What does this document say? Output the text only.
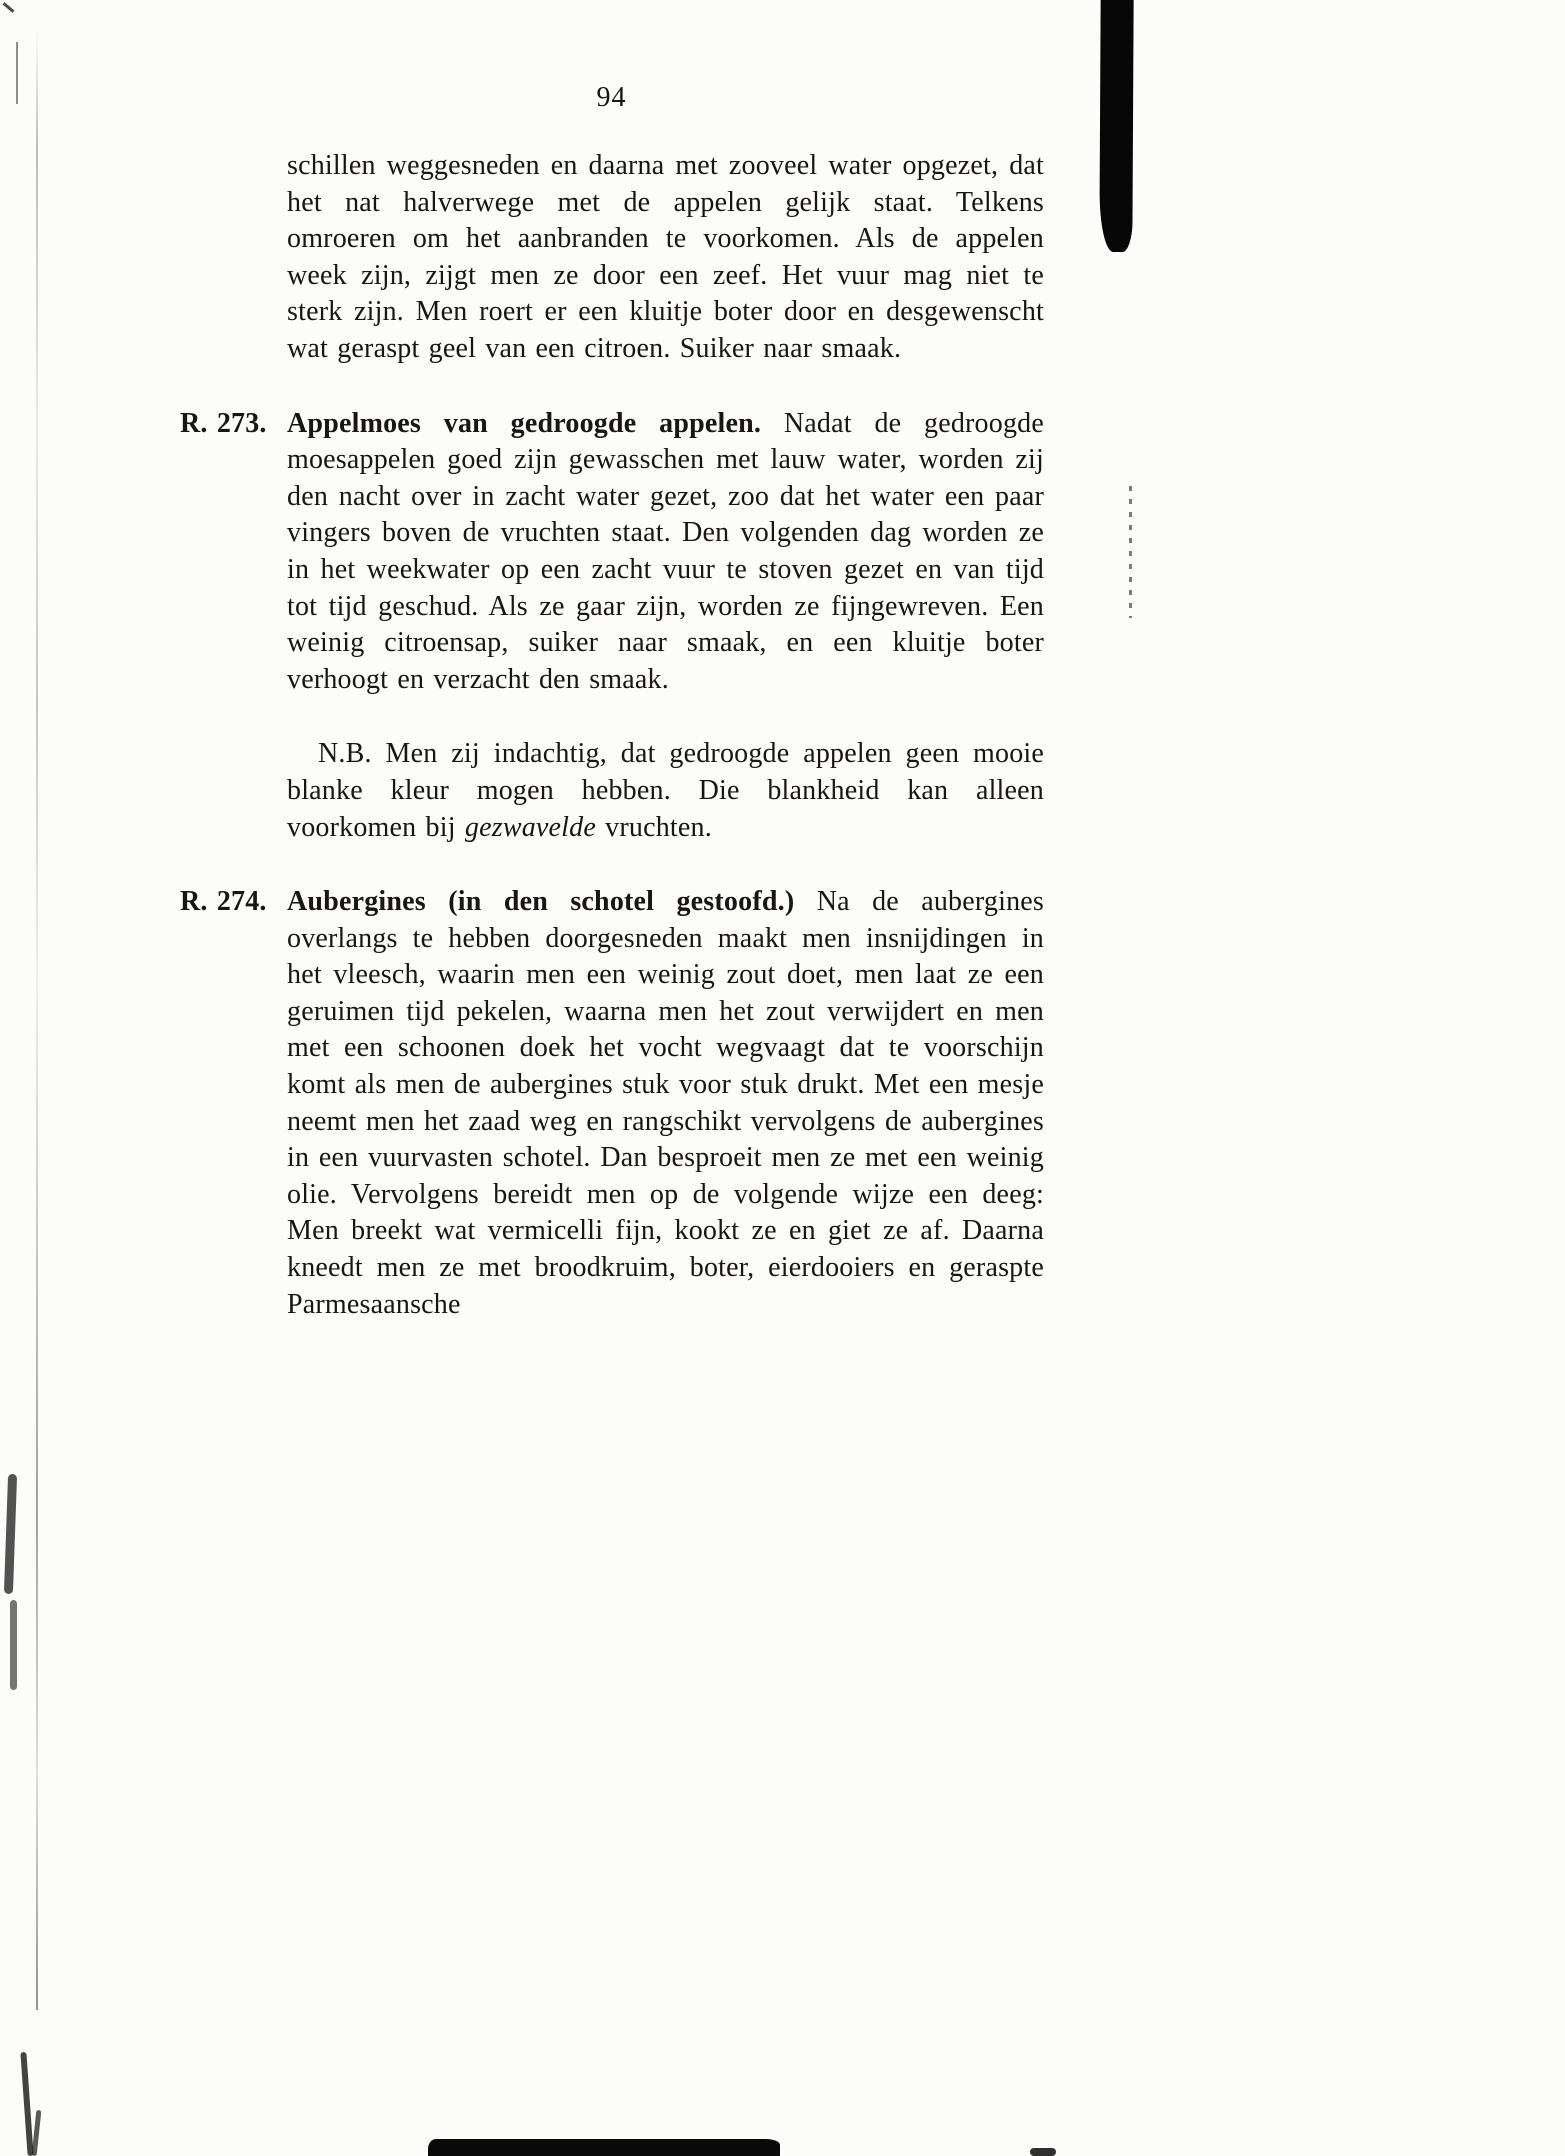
94

schillen weggesneden en daarna met zooveel water opgezet, dat het nat halverwege met de appelen gelijk staat. Telkens omroeren om het aanbranden te voorkomen. Als de appelen week zijn, zijgt men ze door een zeef. Het vuur mag niet te sterk zijn. Men roert er een kluitje boter door en desgewenscht wat geraspt geel van een citroen. Suiker naar smaak.

R. 273. Appelmoes van gedroogde appelen. Nadat de gedroogde moesappelen goed zijn gewasschen met lauw water, worden zij den nacht over in zacht water gezet, zoo dat het water een paar vingers boven de vruchten staat. Den volgenden dag worden ze in het weekwater op een zacht vuur te stoven gezet en van tijd tot tijd geschud. Als ze gaar zijn, worden ze fijngewreven. Een weinig citroensap, suiker naar smaak, en een kluitje boter verhoogt en verzacht den smaak.

N.B. Men zij indachtig, dat gedroogde appelen geen mooie blanke kleur mogen hebben. Die blankheid kan alleen voorkomen bij gezwavelde vruchten.

R. 274. Aubergines (in den schotel gestoofd.) Na de aubergines overlangs te hebben doorgesneden maakt men insnijdingen in het vleesch, waarin men een weinig zout doet, men laat ze een geruimen tijd pekelen, waarna men het zout verwijdert en men met een schoonen doek het vocht wegvaagt dat te voorschijn komt als men de aubergines stuk voor stuk drukt. Met een mesje neemt men het zaad weg en rangschikt vervolgens de aubergines in een vuurvasten schotel. Dan besproeit men ze met een weinig olie. Vervolgens bereidt men op de volgende wijze een deeg: Men breekt wat vermicelli fijn, kookt ze en giet ze af. Daarna kneedt men ze met broodkruim, boter, eierdooiers en geraspte Parmesaansche
